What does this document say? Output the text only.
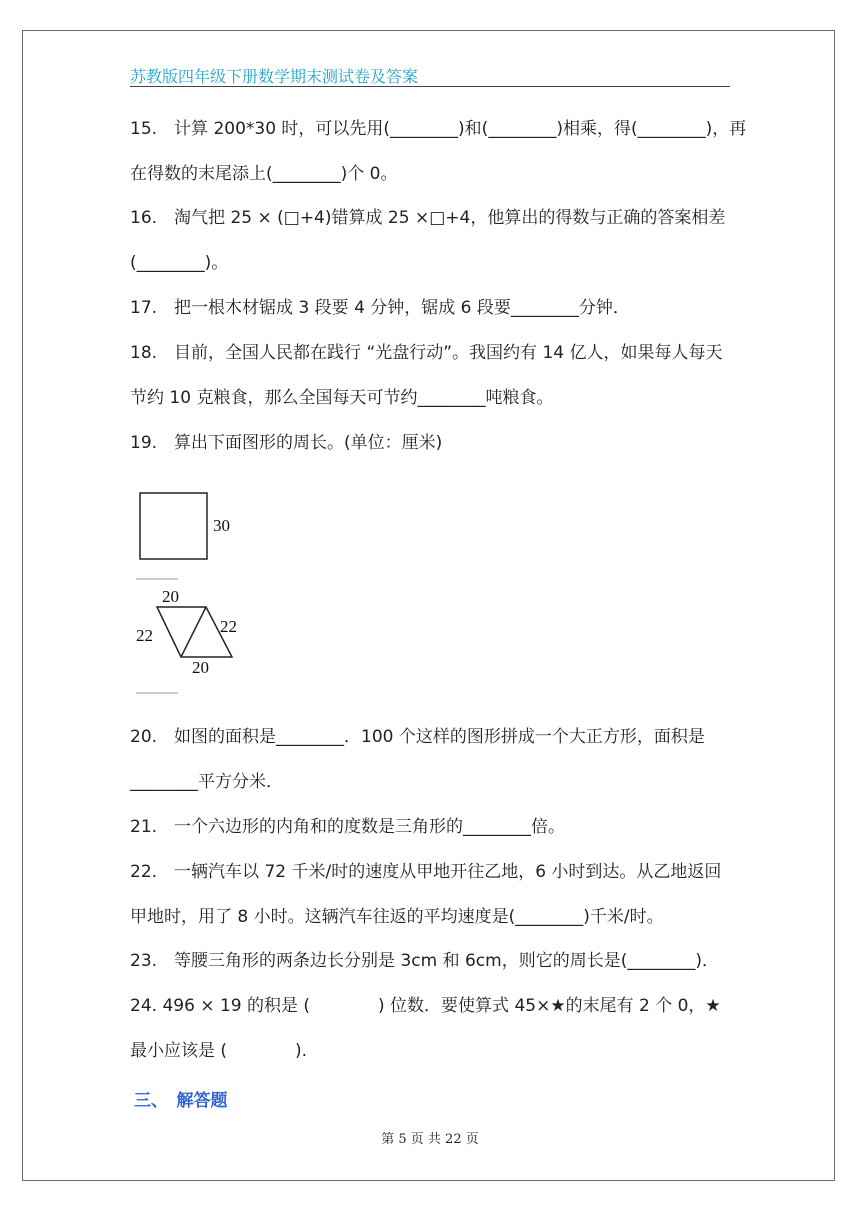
苏教版四年级下册数学期末测试卷及答案
15.　计算 200*30 时，可以先用(________)和(________)相乘，得(________)，再
在得数的末尾添上(________)个 0。
16.　淘气把 25 × (□+4)错算成 25 ×□+4，他算出的得数与正确的答案相差
(________)。
17.　把一根木材锯成 3 段要 4 分钟，锯成 6 段要________分钟．
18.　目前，全国人民都在践行 “光盘行动”。我国约有 14 亿人，如果每人每天
节约 10 克粮食，那么全国每天可节约________吨粮食。
19.　算出下面图形的周长。(单位：厘米)
30
20
22	22
20
20.　如图的面积是________．100 个这样的图形拼成一个大正方形，面积是
________平方分米．
21.　一个六边形的内角和的度数是三角形的________倍。
22.　一辆汽车以 72 千米/时的速度从甲地开往乙地，6 小时到达。从乙地返回
甲地时，用了 8 小时。这辆汽车往返的平均速度是(________)千米/时。
23.　等腰三角形的两条边长分别是 3cm 和 6cm，则它的周长是(________)．
24. 496 × 19 的积是 (　　　　) 位数．要使算式 45×★的末尾有 2 个 0，★
最小应该是 (　　　　).
三、　解答题
第 5 页 共 22 页
